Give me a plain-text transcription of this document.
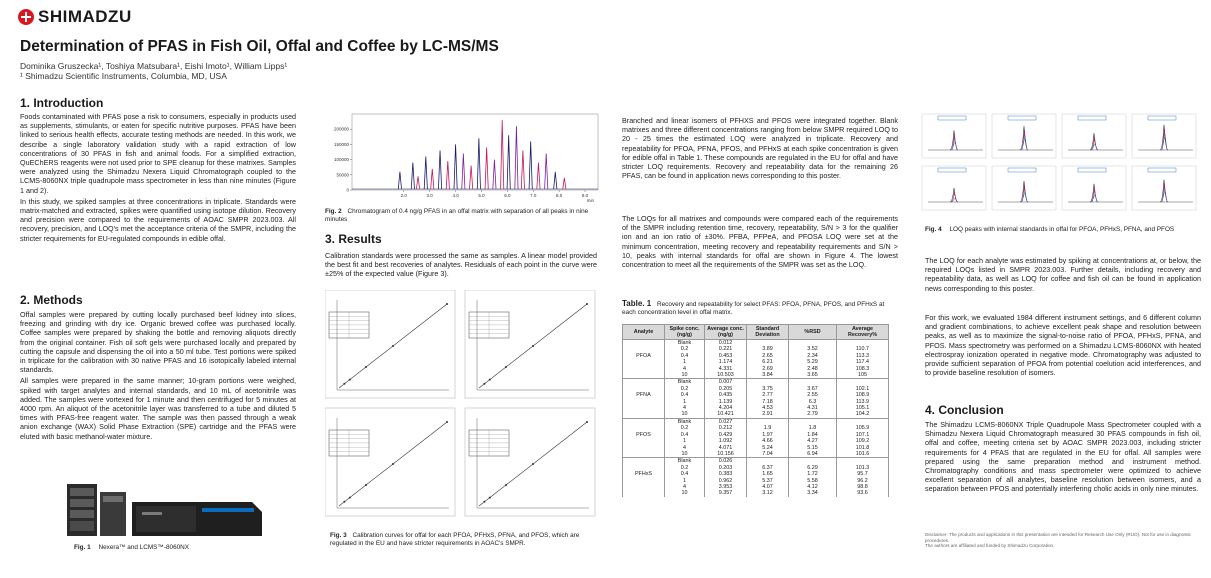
SHIMADZU
Determination of PFAS in Fish Oil, Offal and Coffee by LC-MS/MS
Dominika Gruszecka¹, Toshiya Matsubara¹, Eishi Imoto¹, William Lipps¹
¹ Shimadzu Scientific Instruments, Columbia, MD, USA
1. Introduction

Foods contaminated with PFAS pose a risk to consumers, especially in products used as supplements, stimulants, or eaten for specific nutritive purposes. PFAS have been linked to serious health effects, accurate testing methods are needed. In this work, we describe a single laboratory validation study with a rapid extraction of low concentrations of 30 PFAS in fish and animal foods. For a simplified extraction, QuEChERS reagents were not used prior to SPE cleanup for these matrixes. Samples were analyzed using the Shimadzu Nexera Liquid Chromatograph coupled to the LCMS-8060NX triple quadrupole mass spectrometer in less than nine minutes (Figure 1 and 2).

In this study, we spiked samples at three concentrations in triplicate. Standards were matrix-matched and extracted, spikes were quantified using isotope dilution. Recovery and precision were compared to the requirements of AOAC SMPR 2023.003. All recovery, precision, and LOQ's met the acceptance criteria of the SMPR, including the stricter requirements for EU-regulated compounds in edible offal.

2. Methods

Offal samples were prepared by cutting locally purchased beef kidney into slices, freezing and grinding with dry ice. Organic brewed coffee was purchased locally. Coffee samples were prepared by shaking the bottle and removing aliquots directly from the original container. Fish oil soft gels were purchased locally and prepared by cutting the capsule and dispensing the oil into a 50 ml tube. Test portions were spiked in triplicate for the calibration with 30 native PFAS and 16 isotopically labeled internal standards.

All samples were prepared in the same manner; 10-gram portions were weighed, spiked with target analytes and internal standards, and 10 mL of acetonitrile was added. The samples were vortexed for 1 minute and then centrifuged for 5 minutes at 4000 rpm. An aliquot of the acetonitrile layer was transferred to a tube and diluted 5 times with PFAS-free reagent water. The sample was then passed through a weak anion exchange (WAX) Solid Phase Extraction (SPE) cartridge and the PFAS were eluted with basic methanol-water mixture.

Fig. 1 Nexera™ and LCMS™-8060NX
0
50000
100000
150000
200000
2.0	3.0	4.0	5.0	6.0	7.0	8.0	9.0
min
Fig. 2 Chromatogram of 0.4 ng/g PFAS in an offal matrix with separation of all peaks in nine minutes
3. Results
Calibration standards were processed the same as samples. A linear model provided the best fit and best recoveries of analytes. Residuals of each point in the curve were ±25% of the expected value (Figure 3).
Fig. 3 Calibration curves for offal for each PFOA, PFHxS, PFNA, and PFOS, which are regulated in the EU and have stricter requirements in AOAC's SMPR.
Branched and linear isomers of PFHXS and PFOS were integrated together. Blank matrixes and three different concentrations ranging from below SMPR required LOQ to 20 - 25 times the estimated LOQ were analyzed in triplicate. Recovery and repeatability for PFOA, PFNA, PFOS, and PFHxS at each spike concentration is given for edible offal in Table 1. These compounds are regulated in the EU for offal and have stricter LOQ requirements. Recovery and repeatability data for the remaining 26 PFAS, can be found in application news corresponding to this poster.
The LOQs for all matrixes and compounds were compared each of the requirements of the SMPR including retention time, recovery, repeatability, S/N > 3 for the qualifier ion and an ion ratio of ±30%. PFBA, PFPeA, and PFOSA LOQ were set at the minimum concentration, meeting recovery and repeatability requirements and S/N > 10, peaks with internal standards for offal are shown in Figure 4. The lowest concentration to meet all the requirements of the SMPR was set as the LOQ.
Table. 1 Recovery and repeatability for select PFAS: PFOA, PFNA, PFOS, and PFHxS at each concentration level in offal matrix.
Analyte	Spike conc. (ng/g)	Average conc. (ng/g)	Standard Deviation	%RSD	Average Recovery%
	Blank	0.012			
	0.2	0.221	3.89	3.52	110.7
PFOA	0.4	0.453	2.65	2.34	113.3
	1	1.174	6.21	5.29	117.4
	4	4.331	2.69	2.48	108.3
	10	10.503	3.84	3.65	105
	Blank	0.007			
	0.2	0.205	3.75	3.67	102.1
PFNA	0.4	0.435	2.77	2.55	108.9
	1	1.139	7.18	6.3	113.9
	4	4.204	4.53	4.31	105.1
	10	10.421	2.91	2.79	104.2
	Blank	0.027			
	0.2	0.212	1.9	1.8	105.9
PFOS	0.4	0.429	1.97	1.84	107.1
	1	1.092	4.66	4.27	109.2
	4	4.071	5.24	5.15	101.8
	10	10.156	7.04	6.94	101.6
	Blank	0.026			
	0.2	0.203	6.37	6.29	101.3
PFHxS	0.4	0.383	1.65	1.72	95.7
	1	0.962	5.37	5.58	96.2
	4	3.953	4.07	4.12	98.8
	10	9.357	3.12	3.34	93.6
Fig. 4 LOQ peaks with internal standards in offal for PFOA, PFHxS, PFNA, and PFOS
The LOQ for each analyte was estimated by spiking at concentrations at, or below, the required LOQs listed in SMPR 2023.003. Further details, including recovery and repeatability data, as well as LOQ for coffee and fish oil can be found in application news corresponding to this poster.
For this work, we evaluated 1984 different instrument settings, and 6 different column and gradient combinations, to achieve excellent peak shape and resolution between peaks, as well as to maximize the signal-to-noise ratio of PFOA, PFHxS, PFNA, and PFOS. Mass spectrometry was performed on a Shimadzu LCMS-8060NX with heated electrospray ionization operated in negative mode. Chromatography was adjusted to provide sufficient separation of PFOA from potential coelution acid interferences, and to provide baseline resolution of isomers.
4. Conclusion
The Shimadzu LCMS-8060NX Triple Quadrupole Mass Spectrometer coupled with a Shimadzu Nexera Liquid Chromatograph measured 30 PFAS compounds in fish oil, offal and coffee, meeting criteria set by AOAC SMPR 2023.003, including stricter requirements for 4 PFAS that are regulated in the EU for offal. All samples were prepared using the same preparation method and instrument method. Chromatography conditions and mass spectrometer were optimized to achieve excellent separation of all analytes, baseline resolution between isomers, and a separation between PFOS and potentially interfering cholic acids in only nine minutes.
Disclaimer: The products and applications in this presentation are intended for Research Use Only (RUO). Not for use in diagnostic procedures.
The authors are affiliated and funded by Shimadzu Corporation.
